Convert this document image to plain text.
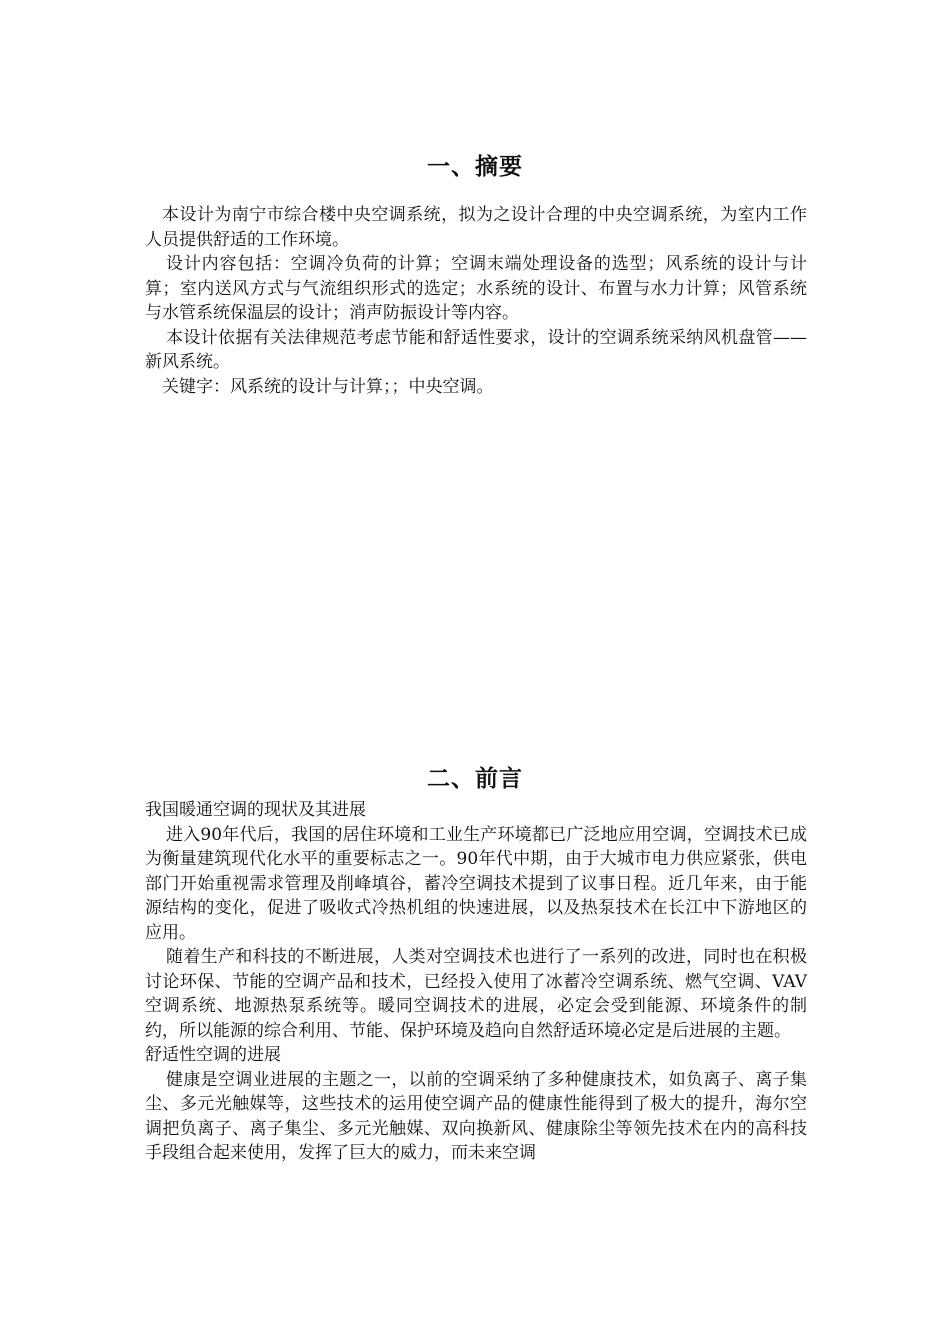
一、摘要

本设计为南宁市综合楼中央空调系统，拟为之设计合理的中央空调系统，为室内工作人员提供舒适的工作环境。

设计内容包括：空调冷负荷的计算；空调末端处理设备的选型；风系统的设计与计算；室内送风方式与气流组织形式的选定；水系统的设计、布置与水力计算；风管系统与水管系统保温层的设计；消声防振设计等内容。

本设计依据有关法律规范考虑节能和舒适性要求，设计的空调系统采纳风机盘管——新风系统。

关键字：风系统的设计与计算；；中央空调。

二、前言

我国暖通空调的现状及其进展

进入90年代后，我国的居住环境和工业生产环境都已广泛地应用空调，空调技术已成为衡量建筑现代化水平的重要标志之一。90年代中期，由于大城市电力供应紧张，供电部门开始重视需求管理及削峰填谷，蓄冷空调技术提到了议事日程。近几年来，由于能源结构的变化，促进了吸收式冷热机组的快速进展，以及热泵技术在长江中下游地区的应用。

随着生产和科技的不断进展，人类对空调技术也进行了一系列的改进，同时也在积极讨论环保、节能的空调产品和技术，已经投入使用了冰蓄冷空调系统、燃气空调、VAV空调系统、地源热泵系统等。暖同空调技术的进展，必定会受到能源、环境条件的制约，所以能源的综合利用、节能、保护环境及趋向自然舒适环境必定是后进展的主题。

舒适性空调的进展

健康是空调业进展的主题之一，以前的空调采纳了多种健康技术，如负离子、离子集尘、多元光触媒等，这些技术的运用使空调产品的健康性能得到了极大的提升，海尔空调把负离子、离子集尘、多元光触媒、双向换新风、健康除尘等领先技术在内的高科技手段组合起来使用，发挥了巨大的威力，而未来空调
